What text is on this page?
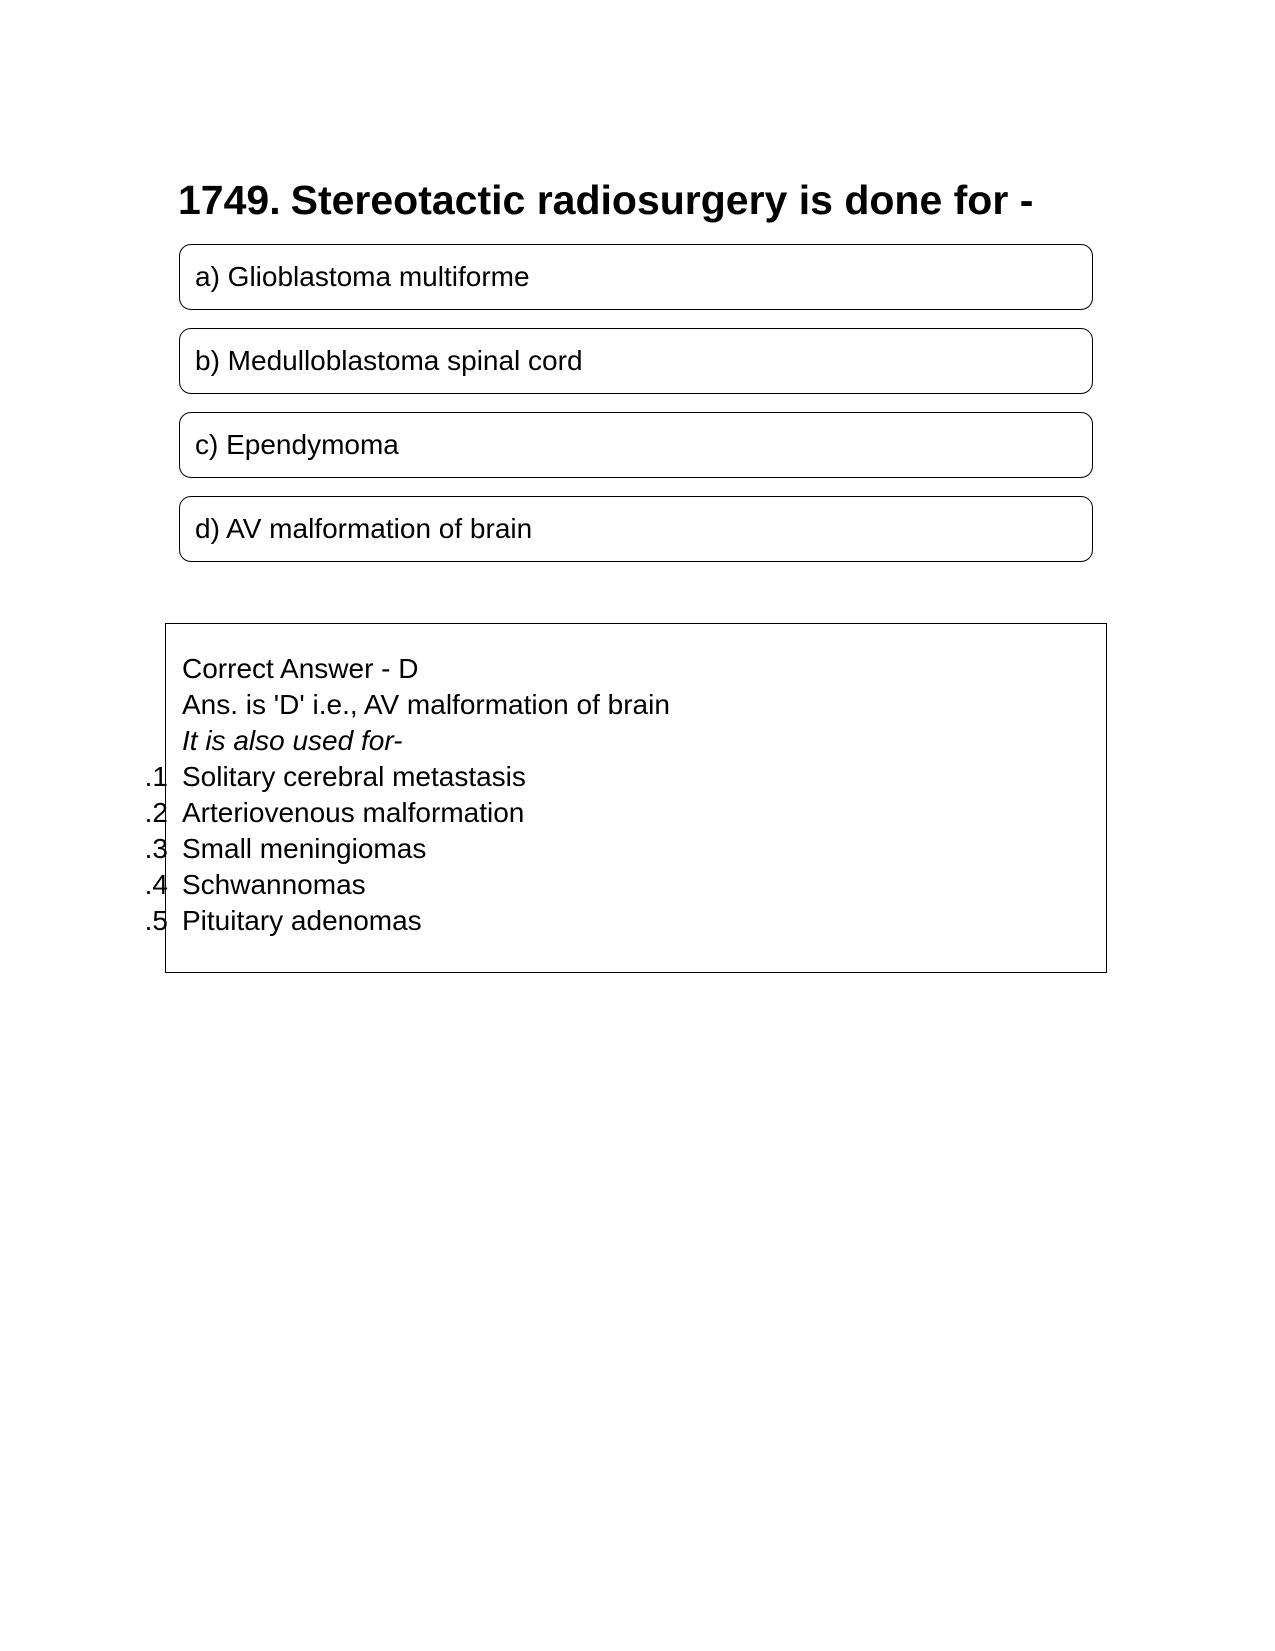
1749. Stereotactic radiosurgery is done for -
a) Glioblastoma multiforme
b) Medulloblastoma spinal cord
c) Ependymoma
d) AV malformation of brain
Correct Answer - D
Ans. is 'D' i.e., AV malformation of brain
It is also used for-
1. Solitary cerebral metastasis
2. Arteriovenous malformation
3. Small meningiomas
4. Schwannomas
5. Pituitary adenomas
